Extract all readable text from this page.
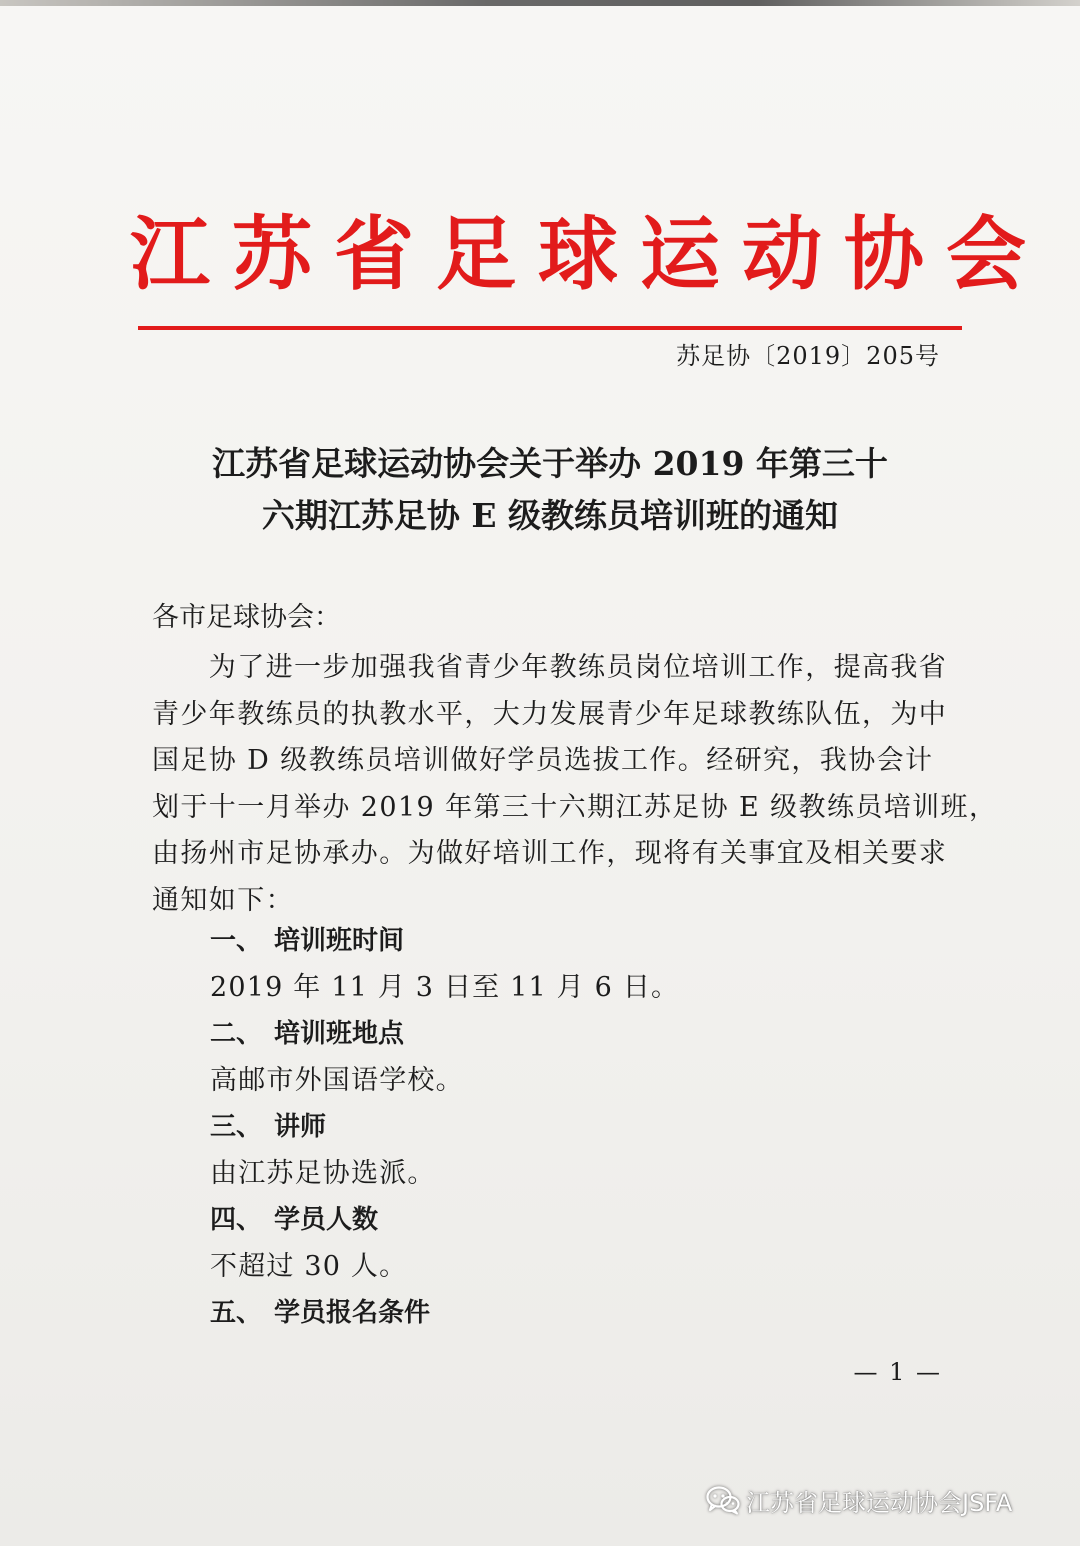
江苏省足球运动协会
苏足协〔2019〕205号
江苏省足球运动协会关于举办 2019 年第三十
六期江苏足协 E 级教练员培训班的通知
各市足球协会：
　　为了进一步加强我省青少年教练员岗位培训工作，提高我省
青少年教练员的执教水平，大力发展青少年足球教练队伍，为中
国足协 D 级教练员培训做好学员选拔工作。经研究，我协会计
划于十一月举办 2019 年第三十六期江苏足协 E 级教练员培训班，
由扬州市足协承办。为做好培训工作，现将有关事宜及相关要求
通知如下：
一、 培训班时间
2019 年 11 月 3 日至 11 月 6 日。
二、 培训班地点
高邮市外国语学校。
三、 讲师
由江苏足协选派。
四、 学员人数
不超过 30 人。
五、 学员报名条件
— 1 —
江苏省足球运动协会JSFA
